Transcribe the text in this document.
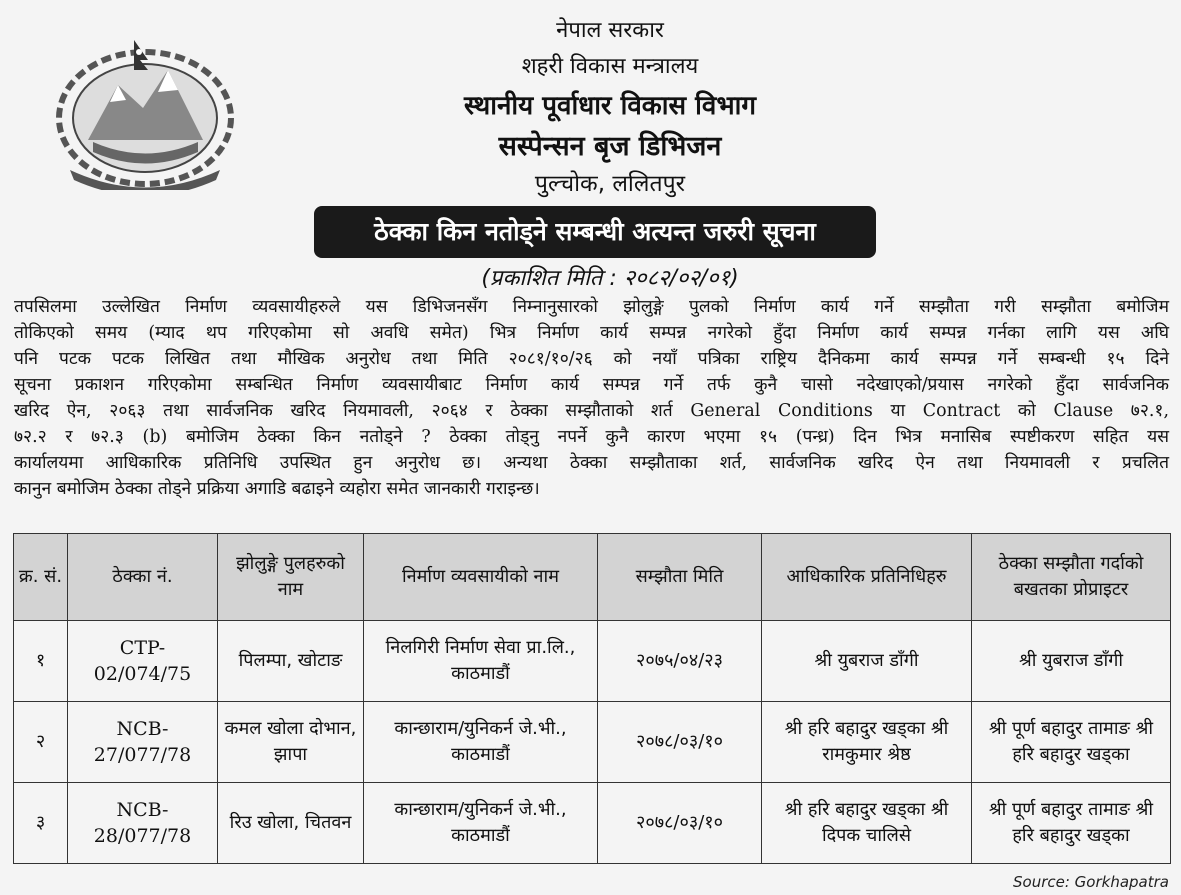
नेपाल सरकार
शहरी विकास मन्त्रालय
स्थानीय पूर्वाधार विकास विभाग
सस्पेन्सन बृज डिभिजन
पुल्चोक, ललितपुर
ठेक्का किन नतोड्ने सम्बन्धी अत्यन्त जरुरी सूचना
(प्रकाशित मिति : २०८२/०२/०१)
तपसिलमा उल्लेखित निर्माण व्यवसायीहरुले यस डिभिजनसँग निम्नानुसारको झोलुङ्गे पुलको निर्माण कार्य गर्ने सम्झौता गरी सम्झौता बमोजिम
तोकिएको समय (म्याद थप गरिएकोमा सो अवधि समेत) भित्र निर्माण कार्य सम्पन्न नगरेको हुँदा निर्माण कार्य सम्पन्न गर्नका लागि यस अघि
पनि पटक पटक लिखित तथा मौखिक अनुरोध तथा मिति २०८१/१०/२६ को नयाँ पत्रिका राष्ट्रिय दैनिकमा कार्य सम्पन्न गर्ने सम्बन्धी १५ दिने
सूचना प्रकाशन गरिएकोमा सम्बन्धित निर्माण व्यवसायीबाट निर्माण कार्य सम्पन्न गर्ने तर्फ कुनै चासो नदेखाएको/प्रयास नगरेको हुँदा सार्वजनिक
खरिद ऐन, २०६३ तथा सार्वजनिक खरिद नियमावली, २०६४ र ठेक्का सम्झौताको शर्त General Conditions या Contract को Clause ७२.१,
७२.२ र ७२.३ (b) बमोजिम ठेक्का किन नतोड्ने ? ठेक्का तोड्नु नपर्ने कुनै कारण भएमा १५ (पन्ध्र) दिन भित्र मनासिब स्पष्टीकरण सहित यस
कार्यालयमा आधिकारिक प्रतिनिधि उपस्थित हुन अनुरोध छ। अन्यथा ठेक्का सम्झौताका शर्त, सार्वजनिक खरिद ऐन तथा नियमावली र प्रचलित
कानुन बमोजिम ठेक्का तोड्ने प्रक्रिया अगाडि बढाइने व्यहोरा समेत जानकारी गराइन्छ।
क्र. सं.	ठेक्का नं.	झोलुङ्गे पुलहरुको नाम	निर्माण व्यवसायीको नाम	सम्झौता मिति	आधिकारिक प्रतिनिधिहरु	ठेक्का सम्झौता गर्दाको बखतका प्रोप्राइटर
१	CTP-02/074/75	पिलम्पा, खोटाङ	निलगिरी निर्माण सेवा प्रा.लि., काठमाडौं	२०७५/०४/२३	श्री युबराज डाँगी	श्री युबराज डाँगी
२	NCB-27/077/78	कमल खोला दोभान, झापा	कान्छाराम/युनिकर्न जे.भी., काठमाडौं	२०७८/०३/१०	श्री हरि बहादुर खड्का श्री रामकुमार श्रेष्ठ	श्री पूर्ण बहादुर तामाङ श्री हरि बहादुर खड्का
३	NCB-28/077/78	रिउ खोला, चितवन	कान्छाराम/युनिकर्न जे.भी., काठमाडौं	२०७८/०३/१०	श्री हरि बहादुर खड्का श्री दिपक चालिसे	श्री पूर्ण बहादुर तामाङ श्री हरि बहादुर खड्का
Source: Gorkhapatra
